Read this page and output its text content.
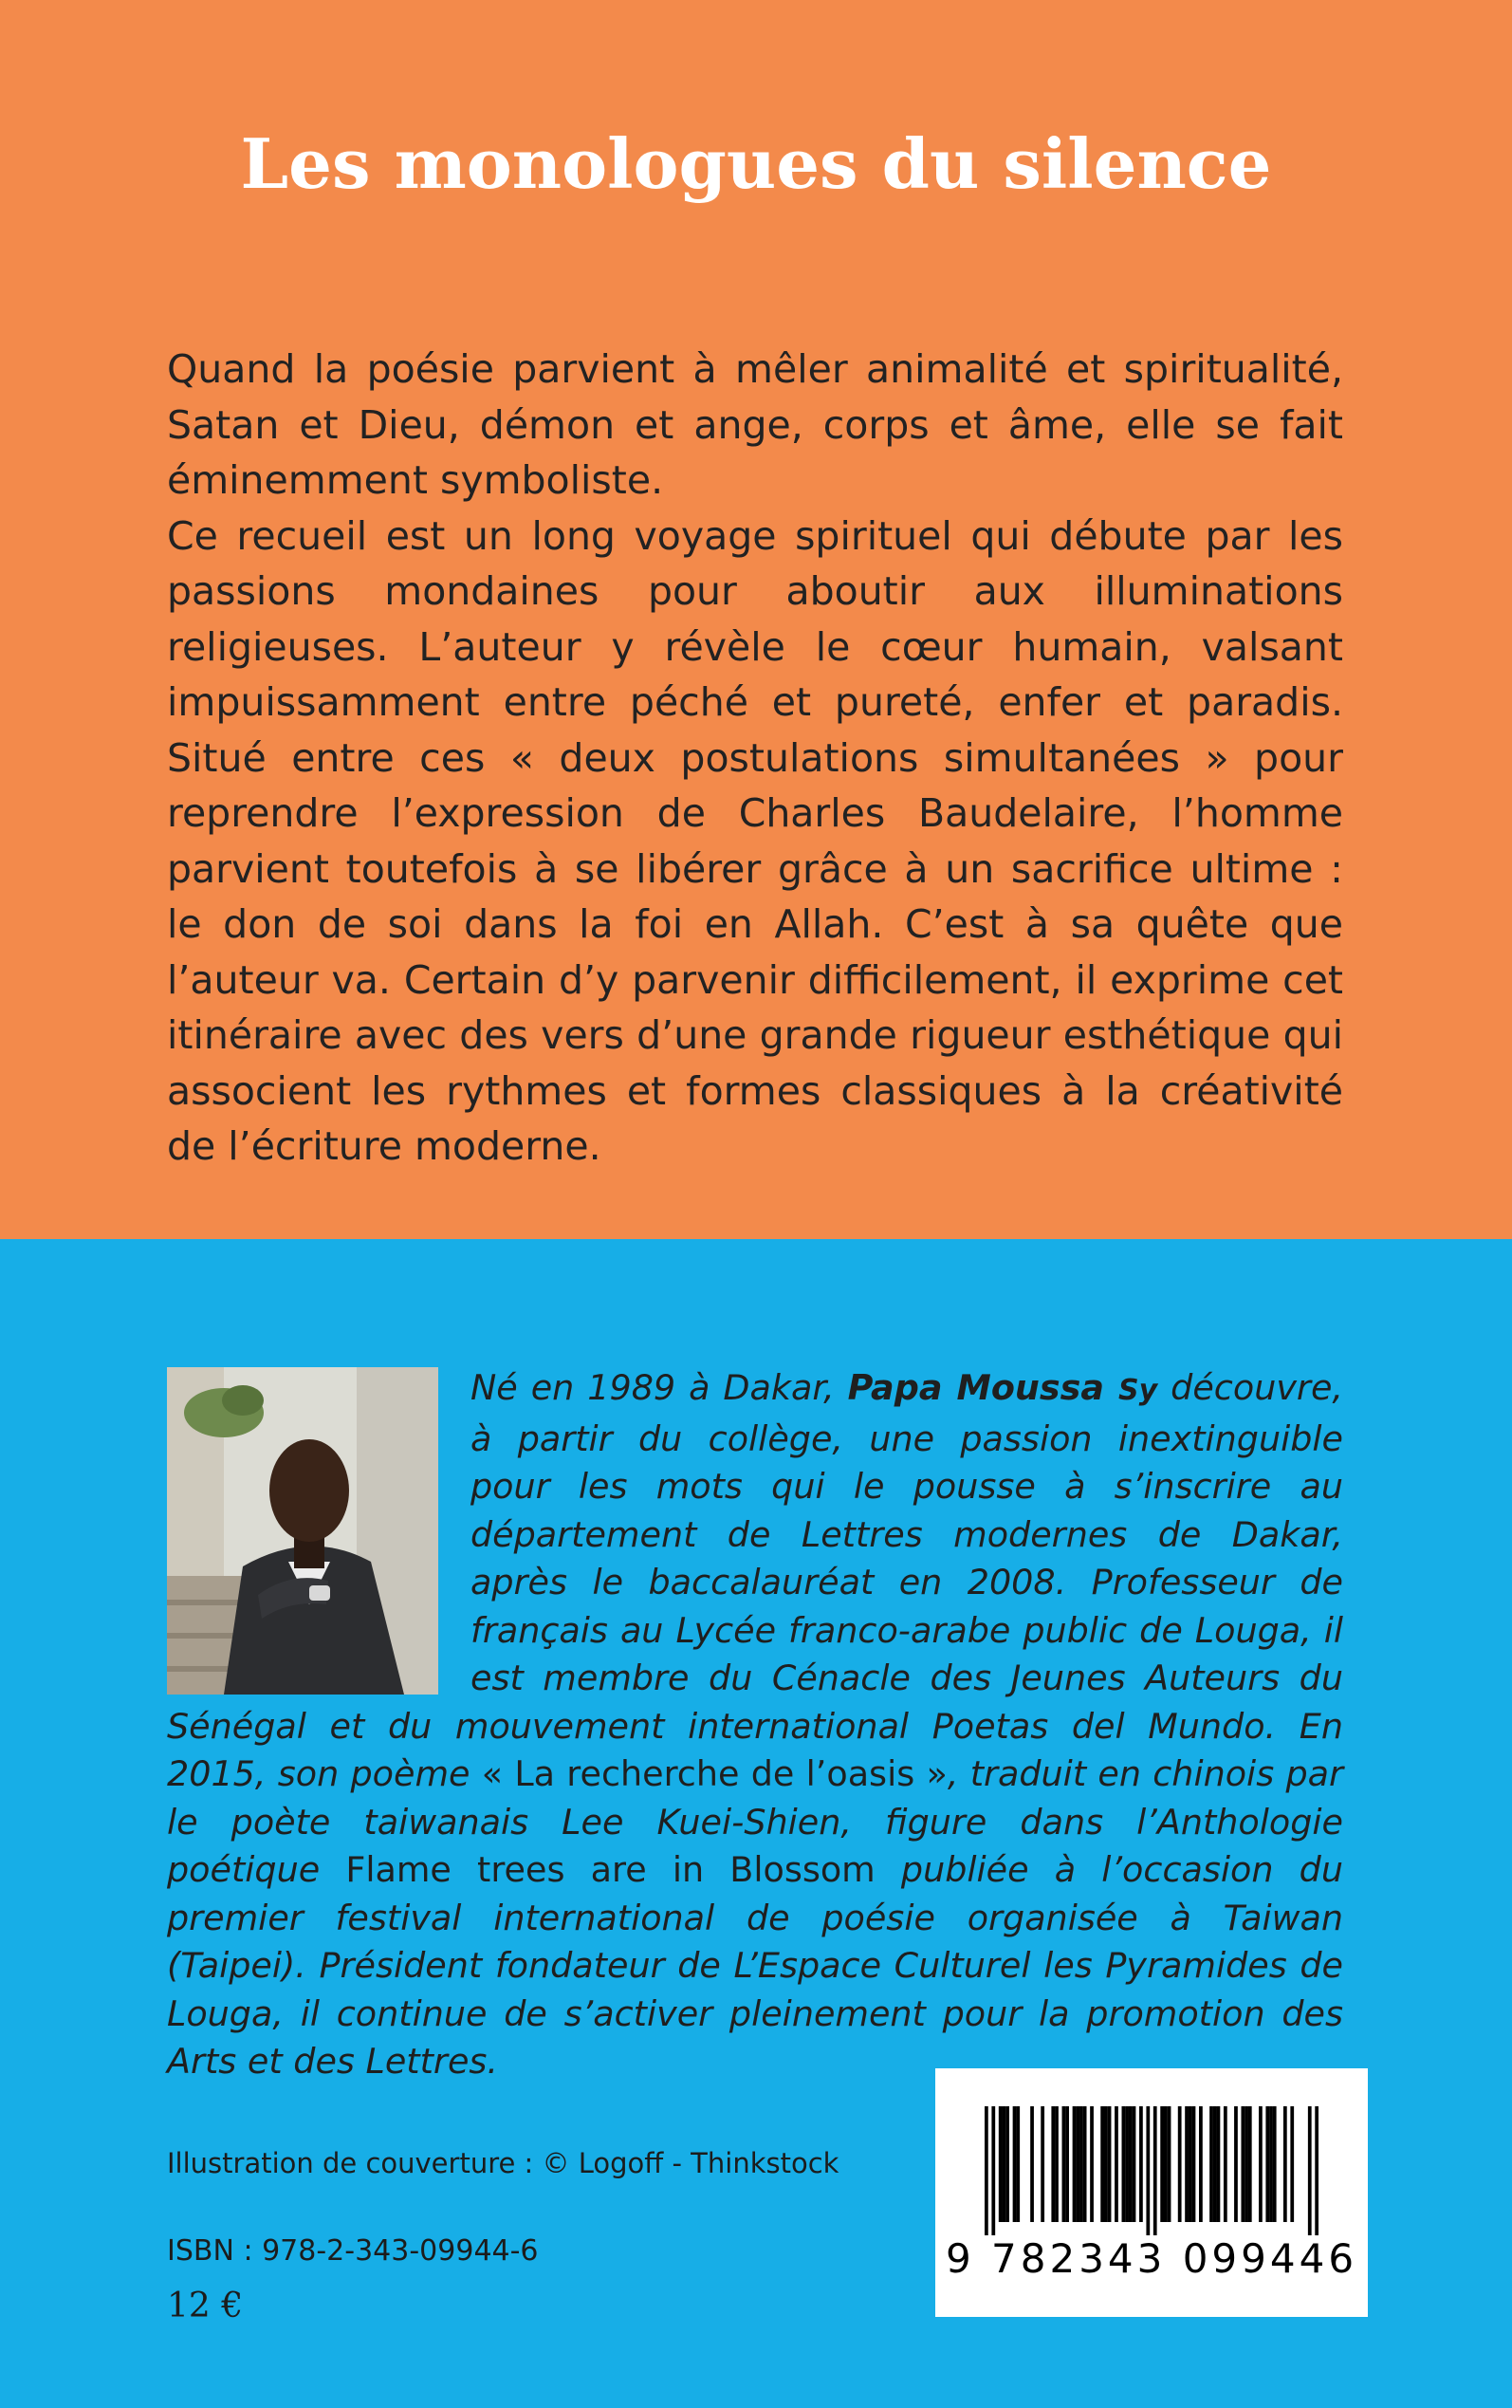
Les monologues du silence

Quand la poésie parvient à mêler animalité et spiritualité, Satan et Dieu, démon et ange, corps et âme, elle se fait éminemment symboliste.

Ce recueil est un long voyage spirituel qui débute par les passions mondaines pour aboutir aux illuminations religieuses. L’auteur y révèle le cœur humain, valsant impuissamment entre péché et pureté, enfer et paradis. Situé entre ces « deux postulations simultanées » pour reprendre l’expression de Charles Baudelaire, l’homme parvient toutefois à se libérer grâce à un sacrifice ultime : le don de soi dans la foi en Allah. C’est à sa quête que l’auteur va. Certain d’y parvenir difficilement, il exprime cet itinéraire avec des vers d’une grande rigueur esthétique qui associent les rythmes et formes classiques à la créativité de l’écriture moderne.

Né en 1989 à Dakar, Papa Moussa Sy découvre, à partir du collège, une passion inextinguible pour les mots qui le pousse à s’inscrire au département de Lettres modernes de Dakar, après le baccalauréat en 2008. Professeur de français au Lycée franco-arabe public de Louga, il est membre du Cénacle des Jeunes Auteurs du Sénégal et du mouvement international Poetas del Mundo. En 2015, son poème « La recherche de l’oasis », traduit en chinois par le poète taiwanais Lee Kuei-Shien, figure dans l’Anthologie poétique Flame trees are in Blossom publiée à l’occasion du premier festival international de poésie organisée à Taiwan (Taipei). Président fondateur de L’Espace Culturel les Pyramides de Louga, il continue de s’activer pleinement pour la promotion des Arts et des Lettres.

Illustration de couverture : © Logoff - Thinkstock
ISBN : 978-2-343-09944-6
12 €
9 782343 099446
